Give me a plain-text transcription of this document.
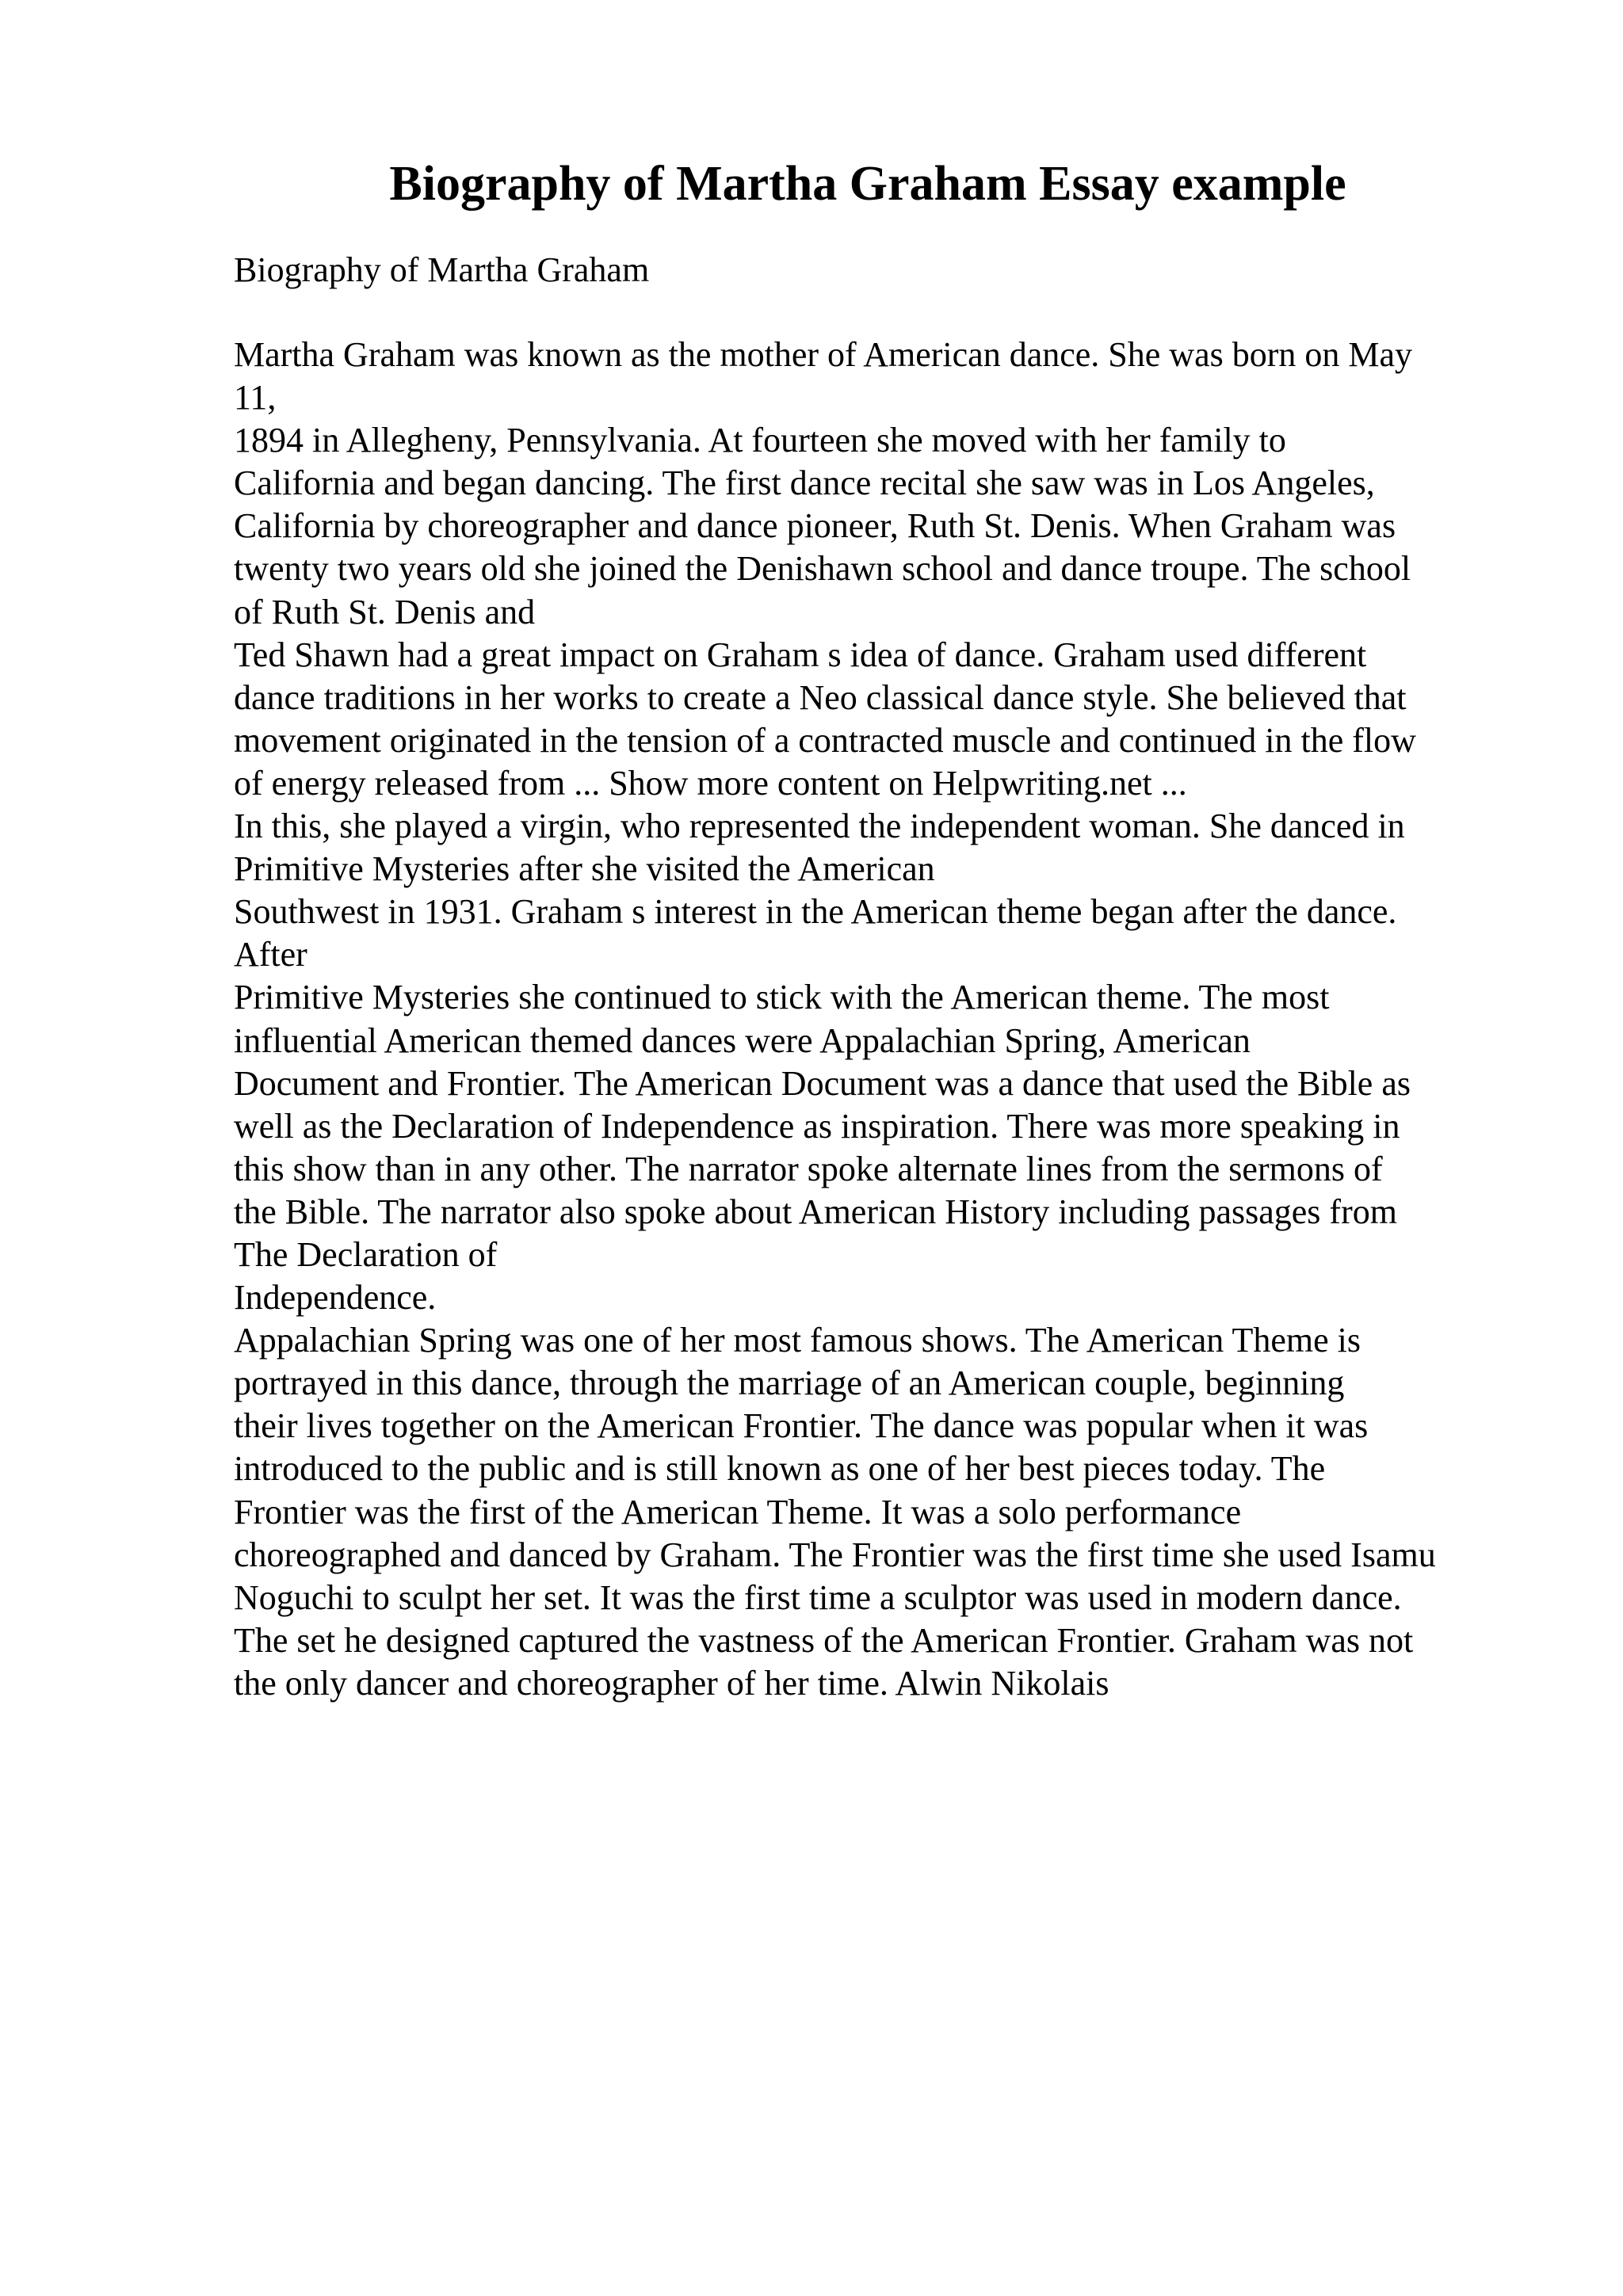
Biography of Martha Graham Essay example

Biography of Martha Graham

Martha Graham was known as the mother of American dance. She was born on May
11,
1894 in Allegheny, Pennsylvania. At fourteen she moved with her family to
California and began dancing. The first dance recital she saw was in Los Angeles,
California by choreographer and dance pioneer, Ruth St. Denis. When Graham was
twenty two years old she joined the Denishawn school and dance troupe. The school
of Ruth St. Denis and
Ted Shawn had a great impact on Graham s idea of dance. Graham used different
dance traditions in her works to create a Neo classical dance style. She believed that
movement originated in the tension of a contracted muscle and continued in the flow
of energy released from ... Show more content on Helpwriting.net ...
In this, she played a virgin, who represented the independent woman. She danced in
Primitive Mysteries after she visited the American
Southwest in 1931. Graham s interest in the American theme began after the dance.
After
Primitive Mysteries she continued to stick with the American theme. The most
influential American themed dances were Appalachian Spring, American
Document and Frontier. The American Document was a dance that used the Bible as
well as the Declaration of Independence as inspiration. There was more speaking in
this show than in any other. The narrator spoke alternate lines from the sermons of
the Bible. The narrator also spoke about American History including passages from
The Declaration of
Independence.
Appalachian Spring was one of her most famous shows. The American Theme is
portrayed in this dance, through the marriage of an American couple, beginning
their lives together on the American Frontier. The dance was popular when it was
introduced to the public and is still known as one of her best pieces today. The
Frontier was the first of the American Theme. It was a solo performance
choreographed and danced by Graham. The Frontier was the first time she used Isamu
Noguchi to sculpt her set. It was the first time a sculptor was used in modern dance.
The set he designed captured the vastness of the American Frontier. Graham was not
the only dancer and choreographer of her time. Alwin Nikolais
